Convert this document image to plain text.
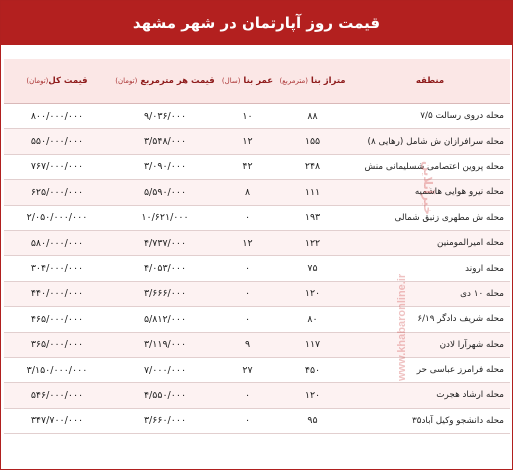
قیمت روز آپارتمان در شهر مشهد
منطقه	متراژ بنا (مترمربع)	عمر بنا (سال)	قیمت هر مترمربع (تومان)	قیمت کل(تومان)
محله دروی رسالت ۷/۵	۸۸	۱۰	۹/۰۳۶/۰۰۰	۸۰۰/۰۰۰/۰۰۰
محله سرافرازان ش شامل (رهایی ۸)	۱۵۵	۱۲	۳/۵۴۸/۰۰۰	۵۵۰/۰۰۰/۰۰۰
محله پروین اعتصامی شسلیمانی منش	۲۴۸	۴۲	۳/۰۹۰/۰۰۰	۷۶۷/۰۰۰/۰۰۰
محله نیرو هوایی هاشمیه	۱۱۱	۸	۵/۵۹۰/۰۰۰	۶۲۵/۰۰۰/۰۰۰
محله ش مطهری زنبق شمالی	۱۹۳	۰	۱۰/۶۲۱/۰۰۰	۲/۰۵۰/۰۰۰/۰۰۰
محله امیرالمومنین	۱۲۲	۱۲	۴/۷۳۷/۰۰۰	۵۸۰/۰۰۰/۰۰۰
محله اروند	۷۵	۰	۴/۰۵۳/۰۰۰	۳۰۴/۰۰۰/۰۰۰
محله ۱۰ دی	۱۲۰	۰	۳/۶۶۶/۰۰۰	۴۴۰/۰۰۰/۰۰۰
محله شریف دادگر ۶/۱۹	۸۰	۰	۵/۸۱۲/۰۰۰	۴۶۵/۰۰۰/۰۰۰
محله شهرآرا لادن	۱۱۷	۹	۳/۱۱۹/۰۰۰	۳۶۵/۰۰۰/۰۰۰
محله فرامرز عباسی حر	۴۵۰	۲۷	۷/۰۰۰/۰۰۰	۳/۱۵۰/۰۰۰/۰۰۰
محله ارشاد هجرت	۱۲۰	۰	۴/۵۵۰/۰۰۰	۵۴۶/۰۰۰/۰۰۰
محله دانشجو وکیل آباد۳۵	۹۵	۰	۳/۶۶۰/۰۰۰	۳۴۷/۷۰۰/۰۰۰
www.khabaronline.ir
خبرآنلاین
